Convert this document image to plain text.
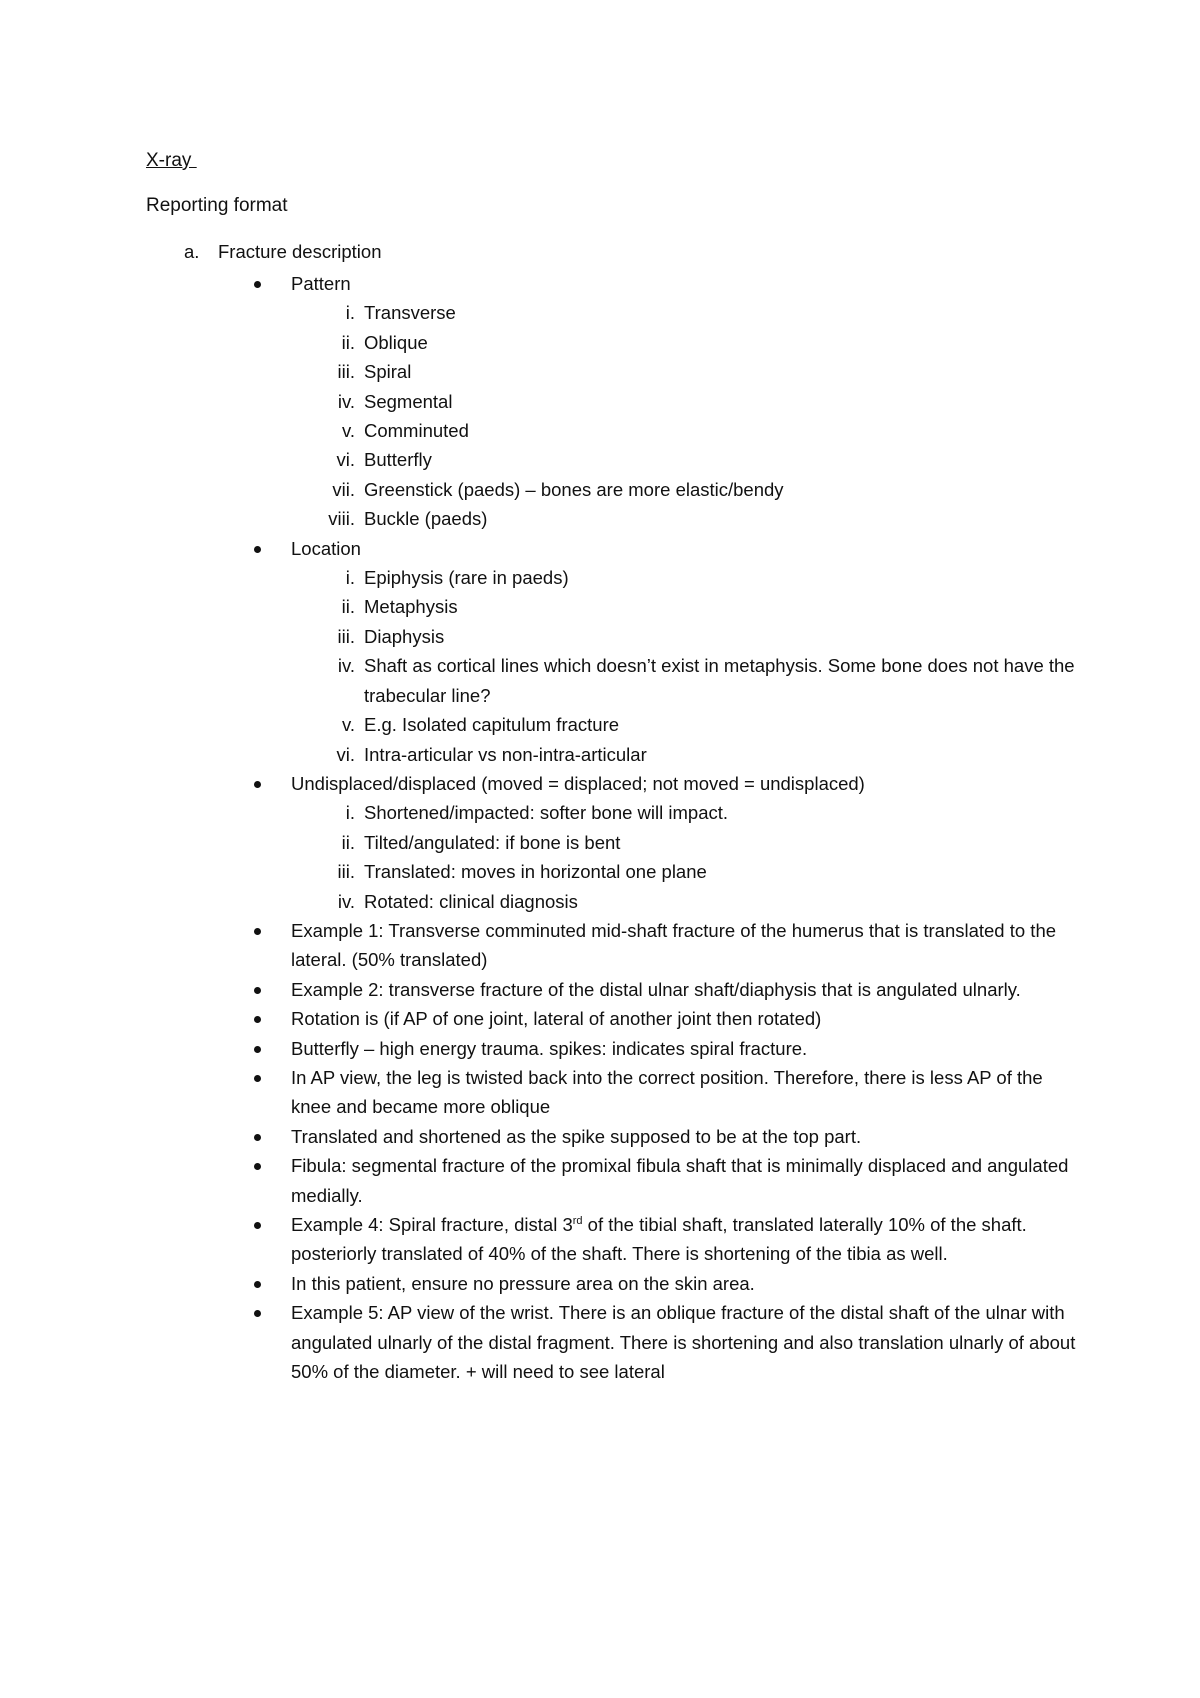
X-ray
Reporting format
a. Fracture description
Pattern
i. Transverse
ii. Oblique
iii. Spiral
iv. Segmental
v. Comminuted
vi. Butterfly
vii. Greenstick (paeds) – bones are more elastic/bendy
viii. Buckle (paeds)
Location
i. Epiphysis (rare in paeds)
ii. Metaphysis
iii. Diaphysis
iv. Shaft as cortical lines which doesn’t exist in metaphysis. Some bone does not have the trabecular line?
v. E.g. Isolated capitulum fracture
vi. Intra-articular vs non-intra-articular
Undisplaced/displaced (moved = displaced; not moved = undisplaced)
i. Shortened/impacted: softer bone will impact.
ii. Tilted/angulated: if bone is bent
iii. Translated: moves in horizontal one plane
iv. Rotated: clinical diagnosis
Example 1: Transverse comminuted mid-shaft fracture of the humerus that is translated to the lateral. (50% translated)
Example 2: transverse fracture of the distal ulnar shaft/diaphysis that is angulated ulnarly.
Rotation is (if AP of one joint, lateral of another joint then rotated)
Butterfly – high energy trauma. spikes: indicates spiral fracture.
In AP view, the leg is twisted back into the correct position. Therefore, there is less AP of the knee and became more oblique
Translated and shortened as the spike supposed to be at the top part.
Fibula: segmental fracture of the promixal fibula shaft that is minimally displaced and angulated medially.
Example 4: Spiral fracture, distal 3rd of the tibial shaft, translated laterally 10% of the shaft. posteriorly translated of 40% of the shaft. There is shortening of the tibia as well.
In this patient, ensure no pressure area on the skin area.
Example 5: AP view of the wrist. There is an oblique fracture of the distal shaft of the ulnar with angulated ulnarly of the distal fragment. There is shortening and also translation ulnarly of about 50% of the diameter. + will need to see lateral
